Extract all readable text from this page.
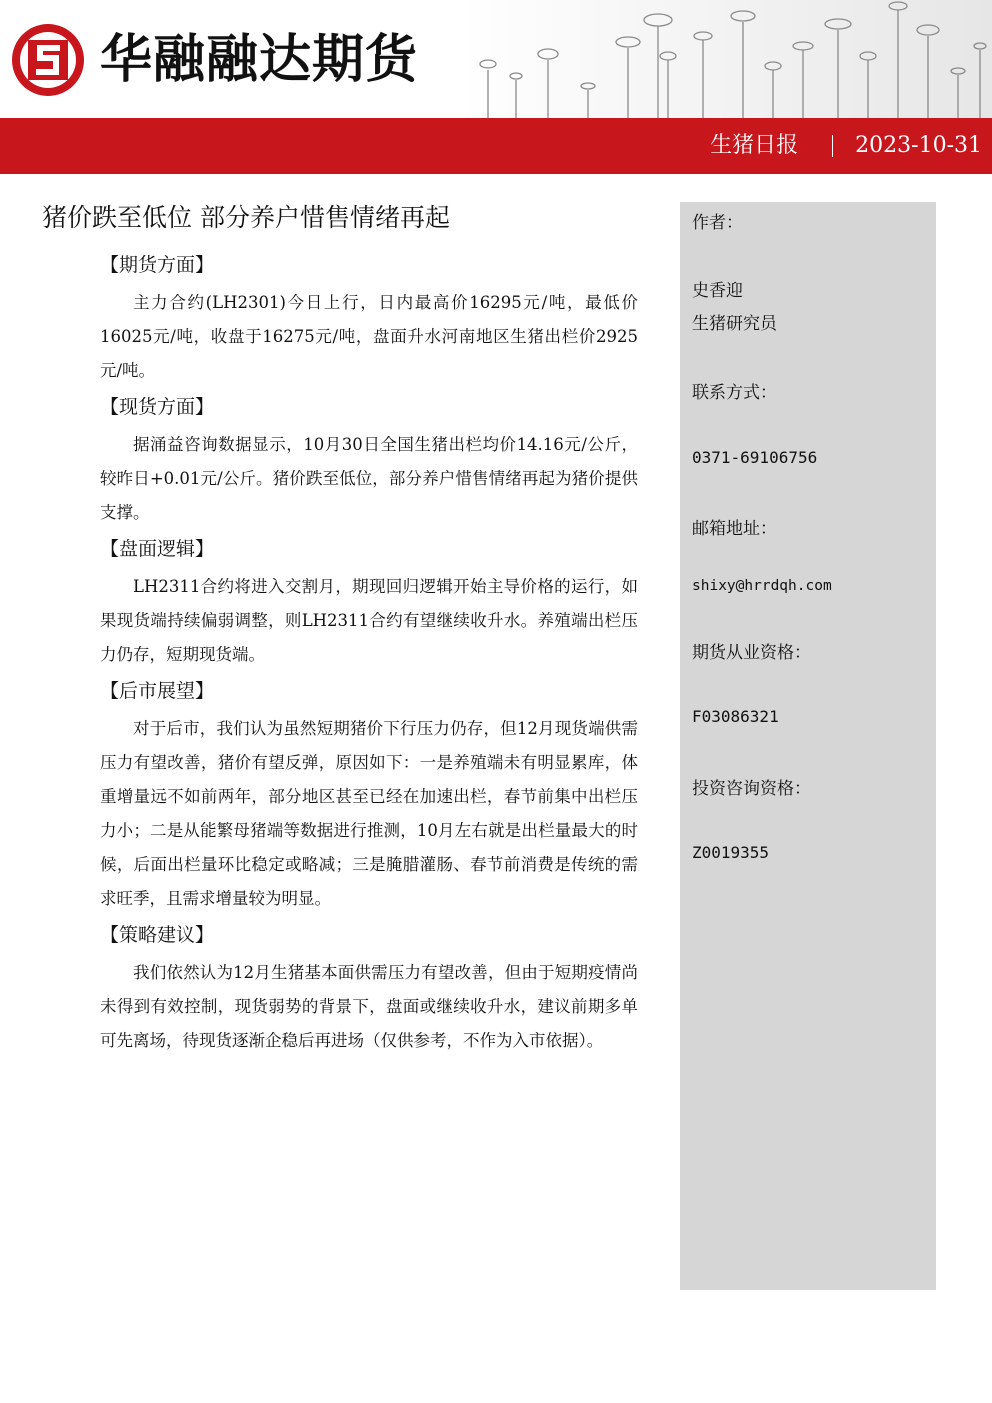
华融融达期货
生猪日报	2023-10-31
猪价跌至低位 部分养户惜售情绪再起
【期货方面】

主力合约(LH2301)今日上行，日内最高价16295元/吨，最低价16025元/吨，收盘于16275元/吨，盘面升水河南地区生猪出栏价2925元/吨。

【现货方面】

据涌益咨询数据显示，10月30日全国生猪出栏均价14.16元/公斤，较昨日+0.01元/公斤。猪价跌至低位，部分养户惜售情绪再起为猪价提供支撑。

【盘面逻辑】

LH2311合约将进入交割月，期现回归逻辑开始主导价格的运行，如果现货端持续偏弱调整，则LH2311合约有望继续收升水。养殖端出栏压力仍存，短期现货端。

【后市展望】

对于后市，我们认为虽然短期猪价下行压力仍存，但12月现货端供需压力有望改善，猪价有望反弹，原因如下：一是养殖端未有明显累库，体重增量远不如前两年，部分地区甚至已经在加速出栏，春节前集中出栏压力小；二是从能繁母猪端等数据进行推测，10月左右就是出栏量最大的时候，后面出栏量环比稳定或略减；三是腌腊灌肠、春节前消费是传统的需求旺季，且需求增量较为明显。

【策略建议】

我们依然认为12月生猪基本面供需压力有望改善，但由于短期疫情尚未得到有效控制，现货弱势的背景下，盘面或继续收升水，建议前期多单可先离场，待现货逐渐企稳后再进场（仅供参考，不作为入市依据）。

作者：
史香迎
生猪研究员
联系方式：
0371-69106756
邮箱地址：
shixy@hrrdqh.com
期货从业资格：
F03086321
投资咨询资格：
Z0019355
